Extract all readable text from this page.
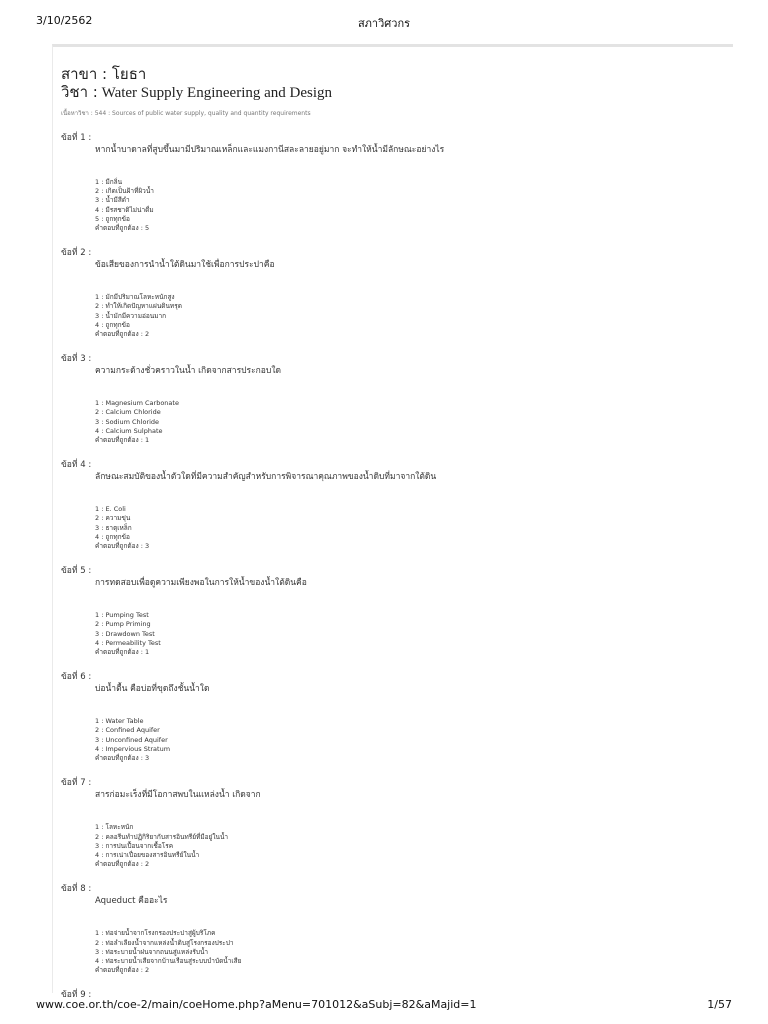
3/10/2562	สภาวิศวกร
สาขา : โยธา
วิชา : Water Supply Engineering and Design
เนื้อหาวิชา : 544 : Sources of public water supply, quality and quantity requirements
ข้อที่ 1 :
หากน้ำบาดาลที่สูบขึ้นมามีปริมาณเหล็กและแมงกานีสละลายอยู่มาก จะทำให้น้ำมีลักษณะอย่างไร
1 : มีกลิ่น
2 : เกิดเป็นฝ้าที่ผิวน้ำ
3 : น้ำมีสีดำ
4 : มีรสชาติไม่น่าดื่ม
5 : ถูกทุกข้อ
คำตอบที่ถูกต้อง : 5
ข้อที่ 2 :
ข้อเสียของการนำน้ำใต้ดินมาใช้เพื่อการประปาคือ
1 : มักมีปริมาณโลหะหนักสูง
2 : ทำให้เกิดปัญหาแผ่นดินทรุด
3 : น้ำมักมีความอ่อนมาก
4 : ถูกทุกข้อ
คำตอบที่ถูกต้อง : 2
ข้อที่ 3 :
ความกระด้างชั่วคราวในน้ำ เกิดจากสารประกอบใด
1 : Magnesium Carbonate
2 : Calcium Chloride
3 : Sodium Chloride
4 : Calcium Sulphate
คำตอบที่ถูกต้อง : 1
ข้อที่ 4 :
ลักษณะสมบัติของน้ำตัวใดที่มีความสำคัญสำหรับการพิจารณาคุณภาพของน้ำดิบที่มาจากใต้ดิน
1 : E. Coli
2 : ความขุ่น
3 : ธาตุเหล็ก
4 : ถูกทุกข้อ
คำตอบที่ถูกต้อง : 3
ข้อที่ 5 :
การทดสอบเพื่อดูความเพียงพอในการให้น้ำของน้ำใต้ดินคือ
1 : Pumping Test
2 : Pump Priming
3 : Drawdown Test
4 : Permeability Test
คำตอบที่ถูกต้อง : 1
ข้อที่ 6 :
บ่อน้ำตื้น คือบ่อที่ขุดถึงชั้นน้ำใด
1 : Water Table
2 : Confined Aquifer
3 : Unconfined Aquifer
4 : Impervious Stratum
คำตอบที่ถูกต้อง : 3
ข้อที่ 7 :
สารก่อมะเร็งที่มีโอกาสพบในแหล่งน้ำ เกิดจาก
1 : โลหะหนัก
2 : คลอรีนทำปฏิกิริยากับสารอินทรีย์ที่มีอยู่ในน้ำ
3 : การปนเปื้อนจากเชื้อโรค
4 : การเน่าเปื่อยของสารอินทรีย์ในน้ำ
คำตอบที่ถูกต้อง : 2
ข้อที่ 8 :
Aqueduct คืออะไร
1 : ท่อจ่ายน้ำจากโรงกรองประปาสู่ผู้บริโภค
2 : ท่อลำเลียงน้ำจากแหล่งน้ำดิบสู่โรงกรองประปา
3 : ท่อระบายน้ำฝนจากถนนสู่แหล่งรับน้ำ
4 : ท่อระบายน้ำเสียจากบ้านเรือนสู่ระบบบำบัดน้ำเสีย
คำตอบที่ถูกต้อง : 2
ข้อที่ 9 :
www.coe.or.th/coe-2/main/coeHome.php?aMenu=701012&aSubj=82&aMajid=1	1/57
